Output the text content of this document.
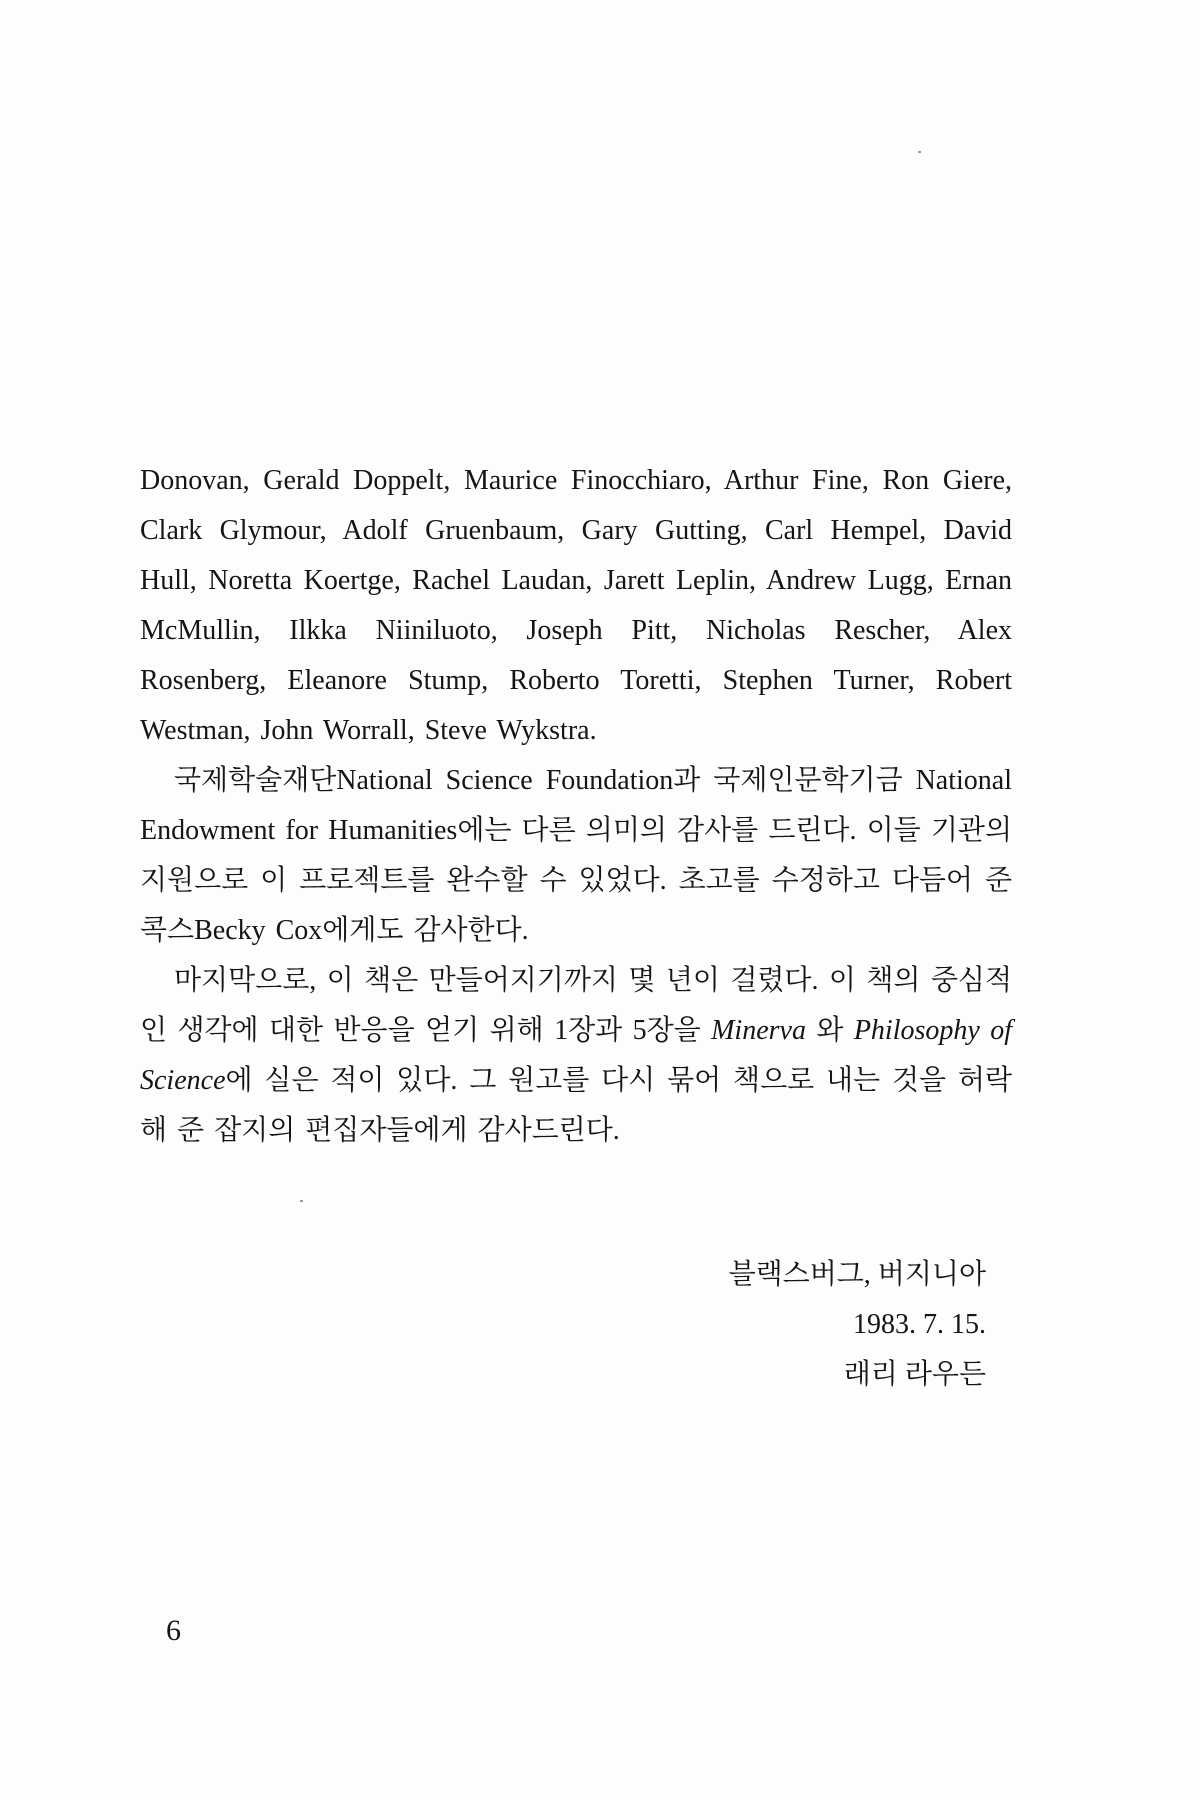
Donovan, Gerald Doppelt, Maurice Finocchiaro, Arthur Fine, Ron Giere, Clark Glymour, Adolf Gruenbaum, Gary Gutting, Carl Hempel, David Hull, Noretta Koertge, Rachel Laudan, Jarett Leplin, Andrew Lugg, Ernan McMullin, Ilkka Niiniluoto, Joseph Pitt, Nicholas Rescher, Alex Rosenberg, Eleanore Stump, Roberto Toretti, Stephen Turner, Robert Westman, John Worrall, Steve Wykstra.

국제학술재단National Science Foundation과 국제인문학기금 National Endowment for Humanities에는 다른 의미의 감사를 드린다. 이들 기관의 지원으로 이 프로젝트를 완수할 수 있었다. 초고를 수정하고 다듬어 준 콕스Becky Cox에게도 감사한다.

마지막으로, 이 책은 만들어지기까지 몇 년이 걸렸다. 이 책의 중심적인 생각에 대한 반응을 얻기 위해 1장과 5장을 Minerva 와 Philosophy of Science에 실은 적이 있다. 그 원고를 다시 묶어 책으로 내는 것을 허락해 준 잡지의 편집자들에게 감사드린다.

블랙스버그, 버지니아
1983. 7. 15.
래리 라우든
6
